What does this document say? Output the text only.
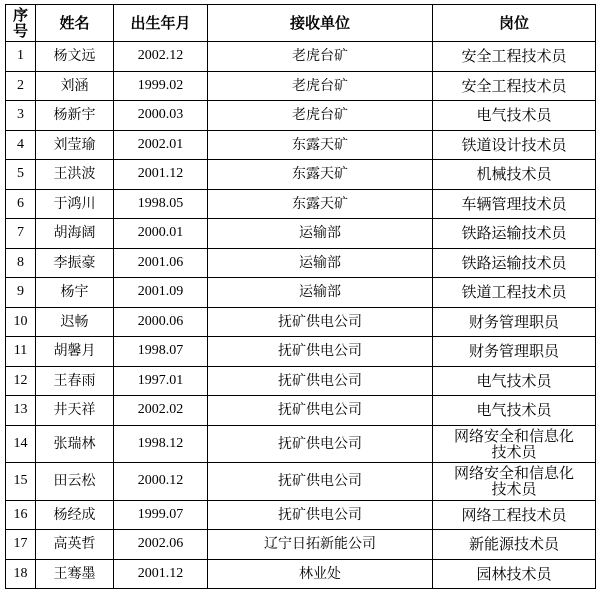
序
号	姓名	出生年月	接收单位	岗位
1	杨文远	2002.12	老虎台矿	安全工程技术员
2	刘涵	1999.02	老虎台矿	安全工程技术员
3	杨新宇	2000.03	老虎台矿	电气技术员
4	刘莹瑜	2002.01	东露天矿	铁道设计技术员
5	王洪波	2001.12	东露天矿	机械技术员
6	于鸿川	1998.05	东露天矿	车辆管理技术员
7	胡海阔	2000.01	运输部	铁路运输技术员
8	李振豪	2001.06	运输部	铁路运输技术员
9	杨宇	2001.09	运输部	铁道工程技术员
10	迟畅	2000.06	抚矿供电公司	财务管理职员
11	胡馨月	1998.07	抚矿供电公司	财务管理职员
12	王春雨	1997.01	抚矿供电公司	电气技术员
13	井天祥	2002.02	抚矿供电公司	电气技术员
14	张瑞林	1998.12	抚矿供电公司	网络安全和信息化
技术员

15	田云松	2000.12	抚矿供电公司	网络安全和信息化
技术员

16	杨经成	1999.07	抚矿供电公司	网络工程技术员
17	高英哲	2002.06	辽宁日拓新能公司	新能源技术员
18	王骞墨	2001.12	林业处	园林技术员
